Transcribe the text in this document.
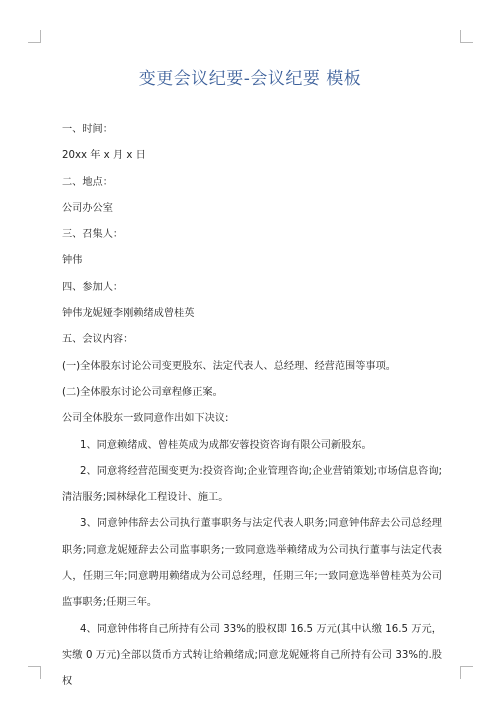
变更会议纪要-会议纪要 模板

一、时间：

20xx 年 x 月 x 日

二、地点：

公司办公室

三、召集人：

钟伟

四、参加人：

钟伟龙妮娅李刚赖绪成曾桂英

五、会议内容：

(一)全体股东讨论公司变更股东、法定代表人、总经理、经营范围等事项。

(二)全体股东讨论公司章程修正案。

公司全体股东一致同意作出如下决议:

1、同意赖绪成、曾桂英成为成都安蓉投资咨询有限公司新股东。

2、同意将经营范围变更为:投资咨询;企业管理咨询;企业营销策划;市场信息咨询;清洁服务;园林绿化工程设计、施工。

3、同意钟伟辞去公司执行董事职务与法定代表人职务;同意钟伟辞去公司总经理职务;同意龙妮娅辞去公司监事职务;一致同意选举赖绪成为公司执行董事与法定代表人，任期三年;同意聘用赖绪成为公司总经理，任期三年;一致同意选举曾桂英为公司监事职务;任期三年。

4、同意钟伟将自己所持有公司 33%的股权即 16.5 万元(其中认缴 16.5 万元，实缴 0 万元)全部以货币方式转让给赖绪成;同意龙妮娅将自己所持有公司 33%的.股权
